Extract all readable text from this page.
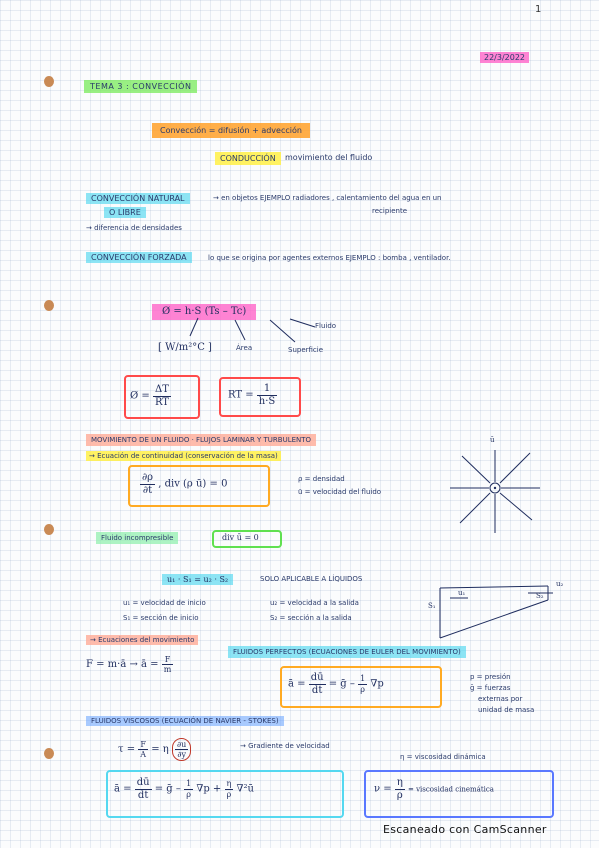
1
22/3/2022
TEMA 3 : CONVECCIÓN
Convección = difusión + advección
CONDUCCIÓN	movimiento del fluido
CONVECCIÓN NATURAL
O LIBRE
→ en objetos EJEMPLO radiadores , calentamiento del agua en un
recipiente
→ diferencia de densidades
CONVECCIÓN FORZADA	lo que se origina por agentes externos EJEMPLO : bomba , ventilador.
Ø = h·S (Ts – Tc)
[ W/m²°C ]	Área	Superficie
Fluido
Ø = $\frac{\Delta T}{RT}$	RT = $\frac{1}{h\cdot S}$
MOVIMIENTO DE UN FLUIDO · FLUJOS LAMINAR Y TURBULENTO
→ Ecuación de continuidad (conservación de la masa)
$\frac{\partial\rho}{\partial t}$ , div (ρ ū) = 0	ρ = densidad
ū = velocidad del fluido
ū
Fluido incompresible	div ū = 0
u₁ · S₁ = u₂ · S₂	SOLO APLICABLE A LÍQUIDOS
u₁ = velocidad de inicio
S₁ = sección de inicio
u₂ = velocidad a la salida
S₂ = sección a la salida
u₁
u₂
S₁
S₂
→ Ecuaciones del movimiento
F = m·ā → ā = $\frac{F}{m}$
FLUIDOS PERFECTOS (ECUACIONES DE EULER DEL MOVIMIENTO)
ā = $\frac{dū}{dt}$ = ḡ – $\frac{1}{\rho} \nabla p$
p = presión
ḡ = fuerzas
externas por
unidad de masa
FLUIDOS VISCOSOS (ECUACIÓN DE NAVIER - STOKES)
$\tau = \frac{F}{A} = \eta \frac{\partial u}{\partial y}$	→ Gradiente de velocidad
η = viscosidad dinámica
ā = $\frac{dū}{dt}$ = ḡ – $\frac{1}{\rho} \nabla p + \frac{\eta}{\rho}$ ∇²ū	$\nu = \frac{\eta}{\rho}$ = viscosidad cinemática
Escaneado con CamScanner
